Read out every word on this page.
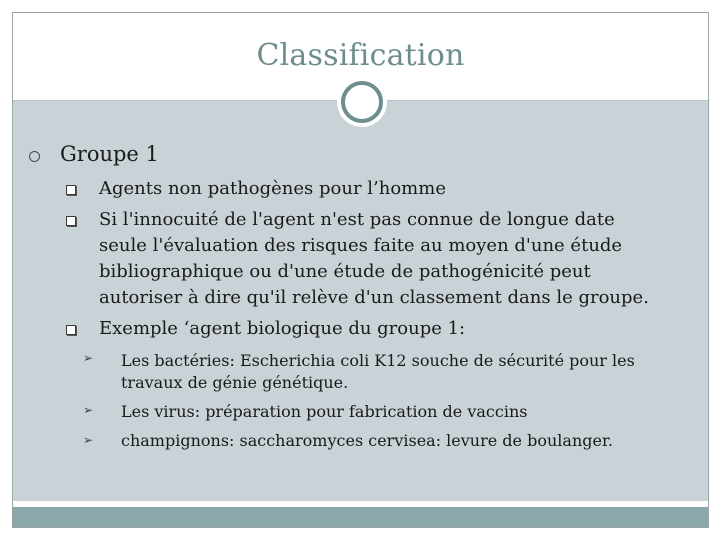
Classification
Groupe 1
Agents non pathogènes pour l’homme
Si l'innocuité de l'agent n'est pas connue de longue date
seule l'évaluation des risques faite au moyen d'une étude
bibliographique ou d'une étude de pathogénicité peut
autoriser à dire qu'il relève d'un classement dans le groupe.
Exemple ‘agent biologique du groupe 1:
➢ Les bactéries: Escherichia coli K12 souche de sécurité pour les
travaux de génie génétique.
➢ Les virus: préparation pour fabrication de vaccins
➢ champignons: saccharomyces cervisea: levure de boulanger.
